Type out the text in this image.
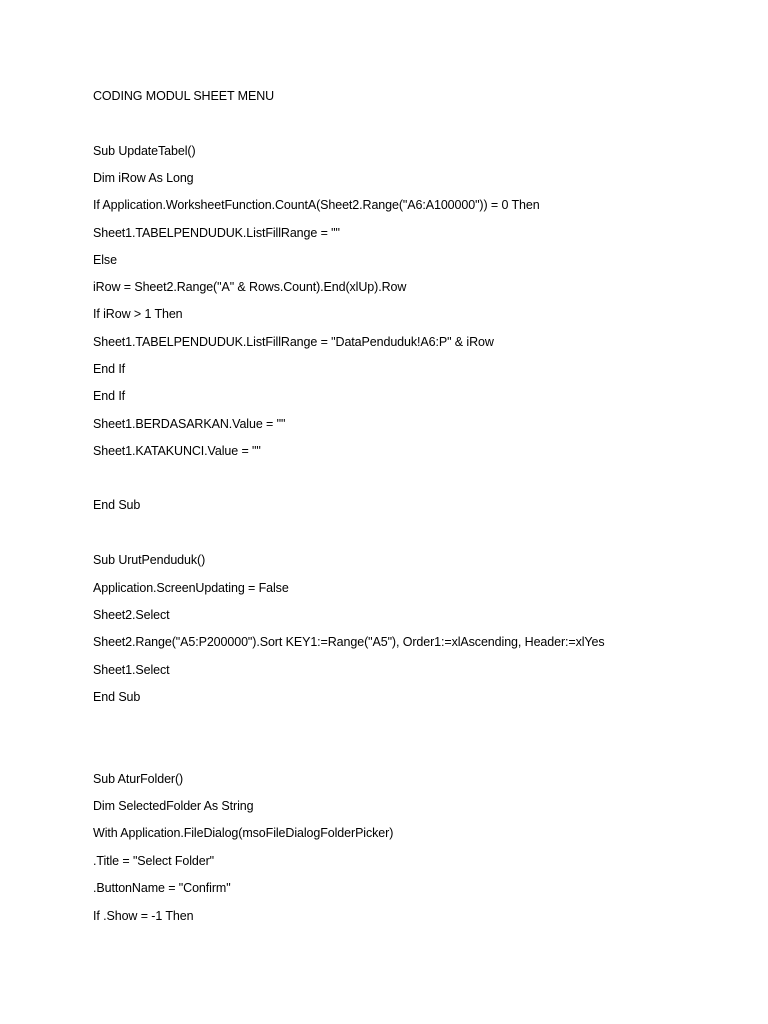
CODING MODUL SHEET MENU
Sub UpdateTabel()
Dim iRow As Long
If Application.WorksheetFunction.CountA(Sheet2.Range("A6:A100000")) = 0 Then
Sheet1.TABELPENDUDUK.ListFillRange = ""
Else
iRow = Sheet2.Range("A" & Rows.Count).End(xlUp).Row
If iRow > 1 Then
Sheet1.TABELPENDUDUK.ListFillRange = "DataPenduduk!A6:P" & iRow
End If
End If
Sheet1.BERDASARKAN.Value = ""
Sheet1.KATAKUNCI.Value = ""
End Sub
Sub UrutPenduduk()
Application.ScreenUpdating = False
Sheet2.Select
Sheet2.Range("A5:P200000").Sort KEY1:=Range("A5"), Order1:=xlAscending, Header:=xlYes
Sheet1.Select
End Sub
Sub AturFolder()
Dim SelectedFolder As String
With Application.FileDialog(msoFileDialogFolderPicker)
.Title = "Select Folder"
.ButtonName = "Confirm"
If .Show = -1 Then
